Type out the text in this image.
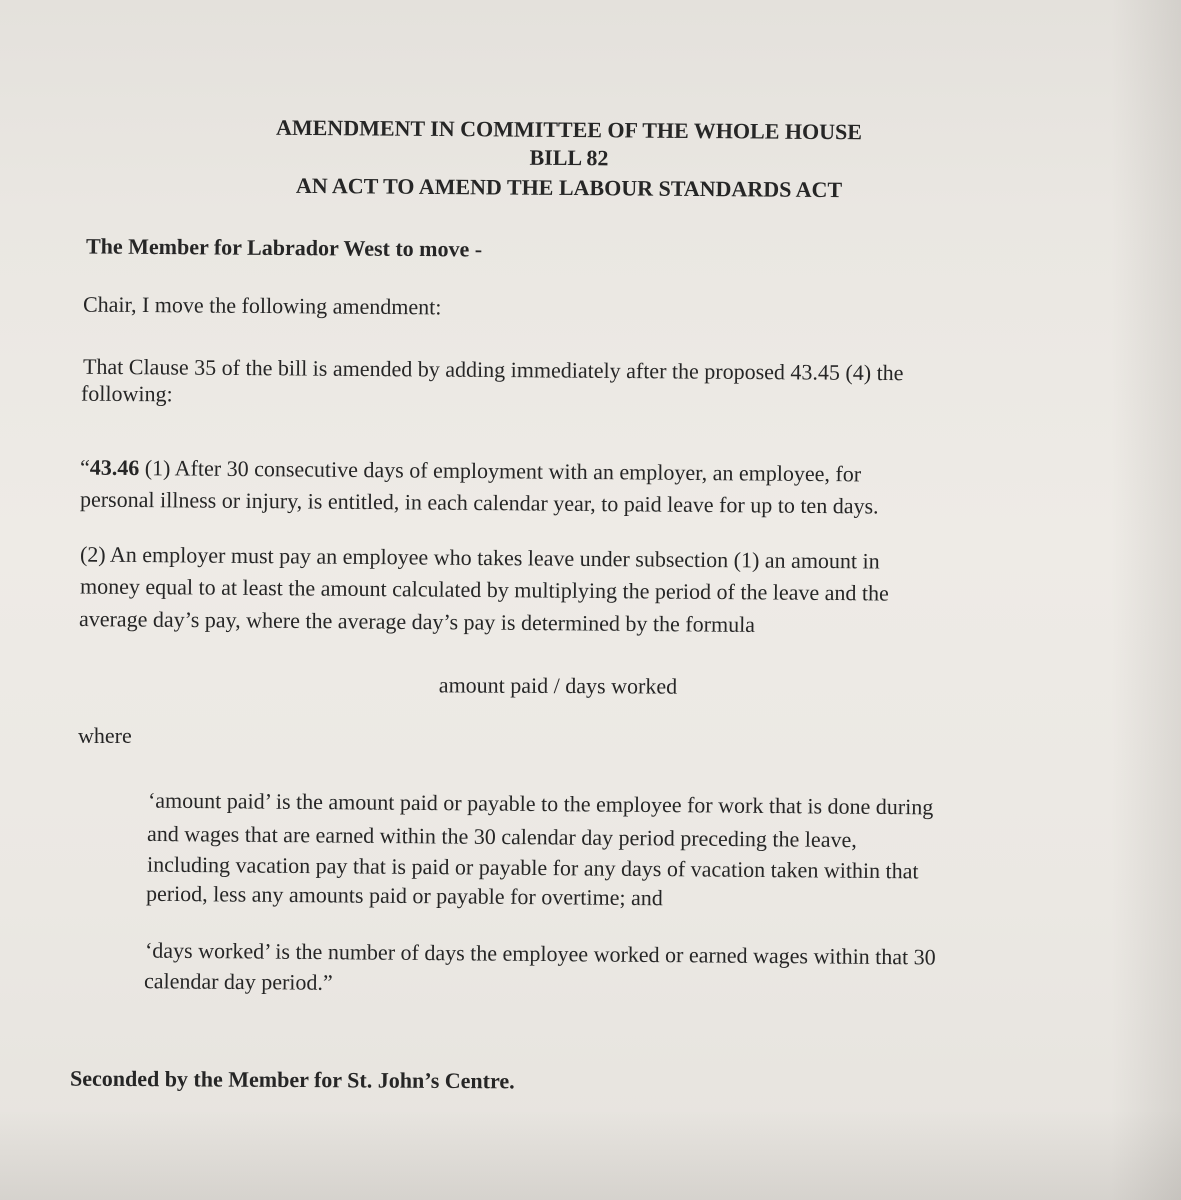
AMENDMENT IN COMMITTEE OF THE WHOLE HOUSE
BILL 82
AN ACT TO AMEND THE LABOUR STANDARDS ACT
The Member for Labrador West to move -
Chair, I move the following amendment:
That Clause 35 of the bill is amended by adding immediately after the proposed 43.45 (4) the
following:
“43.46 (1) After 30 consecutive days of employment with an employer, an employee, for
personal illness or injury, is entitled, in each calendar year, to paid leave for up to ten days.
(2) An employer must pay an employee who takes leave under subsection (1) an amount in
money equal to at least the amount calculated by multiplying the period of the leave and the
average day’s pay, where the average day’s pay is determined by the formula
amount paid / days worked
where
‘amount paid’ is the amount paid or payable to the employee for work that is done during
and wages that are earned within the 30 calendar day period preceding the leave,
including vacation pay that is paid or payable for any days of vacation taken within that
period, less any amounts paid or payable for overtime; and
‘days worked’ is the number of days the employee worked or earned wages within that 30
calendar day period.”
Seconded by the Member for St. John’s Centre.
